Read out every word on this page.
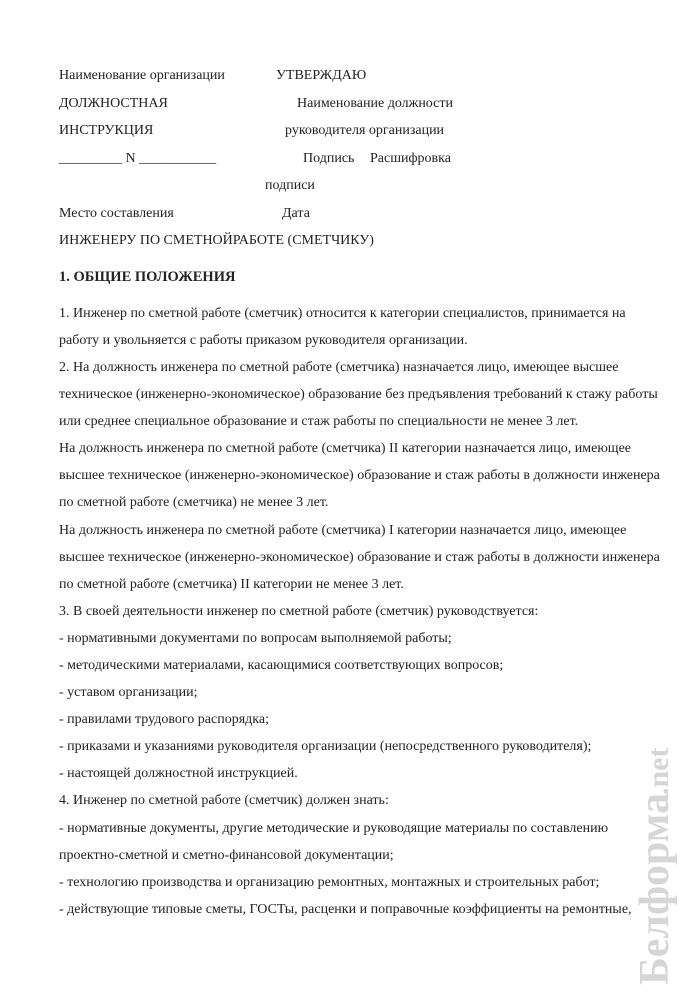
Наименование организации	УТВЕРЖДАЮ
ДОЛЖНОСТНАЯ	Наименование должности
ИНСТРУКЦИЯ	руководителя организации
_________ N ___________	Подпись Расшифровка
подписи
Место составления	Дата
ИНЖЕНЕРУ ПО СМЕТНОЙРАБОТЕ (СМЕТЧИКУ)
1. ОБЩИЕ ПОЛОЖЕНИЯ
1. Инженер по сметной работе (сметчик) относится к категории специалистов, принимается на
работу и увольняется с работы приказом руководителя организации.
2. На должность инженера по сметной работе (сметчика) назначается лицо, имеющее высшее
техническое (инженерно-экономическое) образование без предъявления требований к стажу работы
или среднее специальное образование и стаж работы по специальности не менее 3 лет.
На должность инженера по сметной работе (сметчика) II категории назначается лицо, имеющее
высшее техническое (инженерно-экономическое) образование и стаж работы в должности инженера
по сметной работе (сметчика) не менее 3 лет.
На должность инженера по сметной работе (сметчика) I категории назначается лицо, имеющее
высшее техническое (инженерно-экономическое) образование и стаж работы в должности инженера
по сметной работе (сметчика) II категории не менее 3 лет.
3. В своей деятельности инженер по сметной работе (сметчик) руководствуется:
- нормативными документами по вопросам выполняемой работы;
- методическими материалами, касающимися соответствующих вопросов;
- уставом организации;
- правилами трудового распорядка;
- приказами и указаниями руководителя организации (непосредственного руководителя);
- настоящей должностной инструкцией.
4. Инженер по сметной работе (сметчик) должен знать:
- нормативные документы, другие методические и руководящие материалы по составлению
проектно-сметной и сметно-финансовой документации;
- технологию производства и организацию ремонтных, монтажных и строительных работ;
- действующие типовые сметы, ГОСТы, расценки и поправочные коэффициенты на ремонтные, Белформа
.net
